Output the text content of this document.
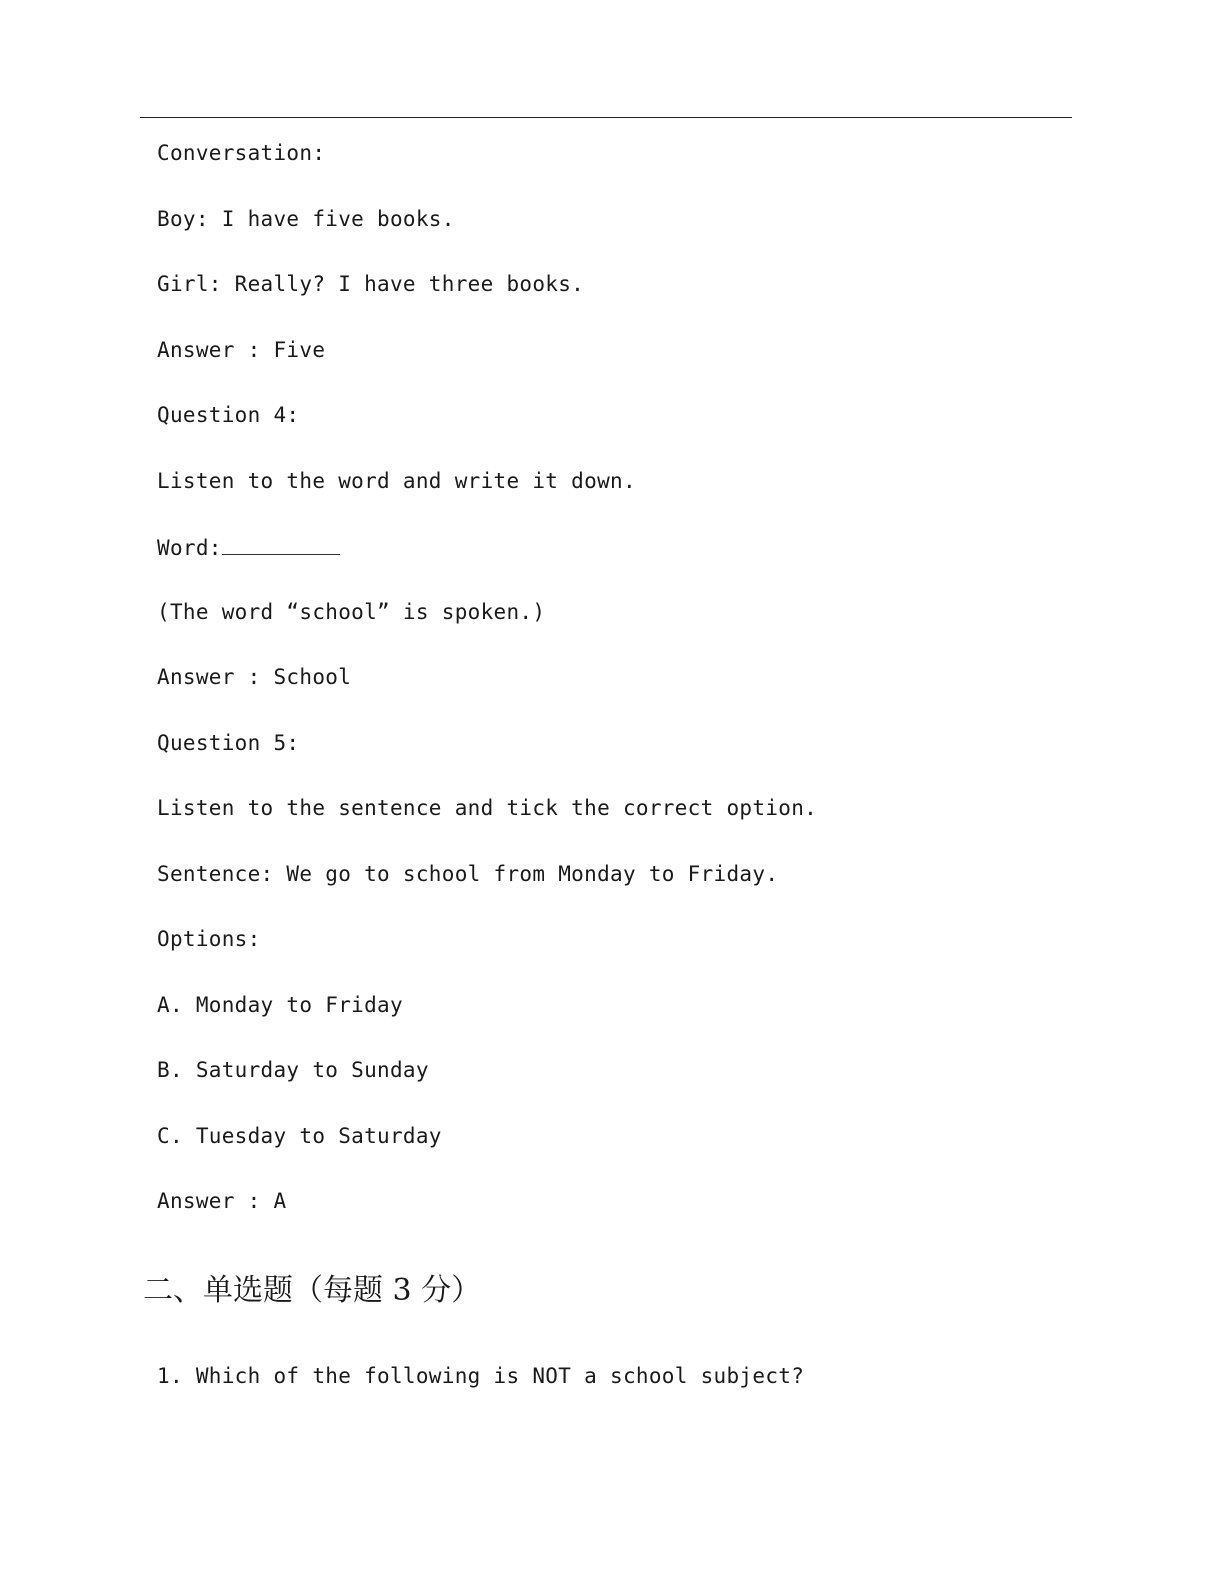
Conversation:
Boy: I have five books.
Girl: Really? I have three books.
Answer : Five
Question 4:
Listen to the word and write it down.
Word:
(The word “school” is spoken.)
Answer : School
Question 5:
Listen to the sentence and tick the correct option.
Sentence: We go to school from Monday to Friday.
Options:
A. Monday to Friday
B. Saturday to Sunday
C. Tuesday to Saturday
Answer : A
二、单选题（每题 3 分）
1. Which of the following is NOT a school subject?
